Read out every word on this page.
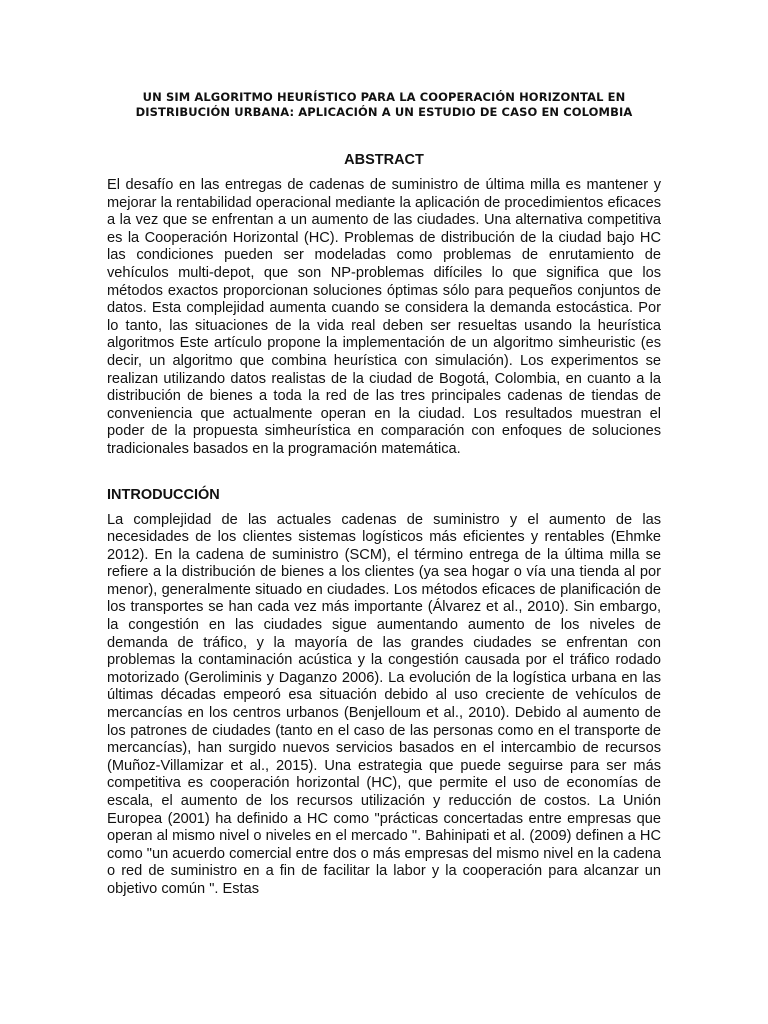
UN SIM ALGORITMO HEURÍSTICO PARA LA COOPERACIÓN HORIZONTAL EN
DISTRIBUCIÓN URBANA: APLICACIÓN A UN ESTUDIO DE CASO EN COLOMBIA
ABSTRACT

El desafío en las entregas de cadenas de suministro de última milla es mantener y mejorar la rentabilidad operacional mediante la aplicación de procedimientos eficaces a la vez que se enfrentan a un aumento de las ciudades. Una alternativa competitiva es la Cooperación Horizontal (HC). Problemas de distribución de la ciudad bajo HC las condiciones pueden ser modeladas como problemas de enrutamiento de vehículos multi-depot, que son NP-problemas difíciles lo que significa que los métodos exactos proporcionan soluciones óptimas sólo para pequeños conjuntos de datos. Esta complejidad aumenta cuando se considera la demanda estocástica. Por lo tanto, las situaciones de la vida real deben ser resueltas usando la heurística algoritmos Este artículo propone la implementación de un algoritmo simheuristic (es decir, un algoritmo que combina heurística con simulación). Los experimentos se realizan utilizando datos realistas de la ciudad de Bogotá, Colombia, en cuanto a la distribución de bienes a toda la red de las tres principales cadenas de tiendas de conveniencia que actualmente operan en la ciudad. Los resultados muestran el poder de la propuesta simheurística en comparación con enfoques de soluciones tradicionales basados en la programación matemática.

INTRODUCCIÓN

La complejidad de las actuales cadenas de suministro y el aumento de las necesidades de los clientes sistemas logísticos más eficientes y rentables (Ehmke 2012). En la cadena de suministro (SCM), el término entrega de la última milla se refiere a la distribución de bienes a los clientes (ya sea hogar o vía una tienda al por menor), generalmente situado en ciudades. Los métodos eficaces de planificación de los transportes se han cada vez más importante (Álvarez et al., 2010). Sin embargo, la congestión en las ciudades sigue aumentando aumento de los niveles de demanda de tráfico, y la mayoría de las grandes ciudades se enfrentan con problemas la contaminación acústica y la congestión causada por el tráfico rodado motorizado (Geroliminis y Daganzo 2006). La evolución de la logística urbana en las últimas décadas empeoró esa situación debido al uso creciente de vehículos de mercancías en los centros urbanos (Benjelloum et al., 2010). Debido al aumento de los patrones de ciudades (tanto en el caso de las personas como en el transporte de mercancías), han surgido nuevos servicios basados en el intercambio de recursos (Muñoz-Villamizar et al., 2015). Una estrategia que puede seguirse para ser más competitiva es cooperación horizontal (HC), que permite el uso de economías de escala, el aumento de los recursos utilización y reducción de costos. La Unión Europea (2001) ha definido a HC como "prácticas concertadas entre empresas que operan al mismo nivel o niveles en el mercado ". Bahinipati et al. (2009) definen a HC como "un acuerdo comercial entre dos o más empresas del mismo nivel en la cadena o red de suministro en a fin de facilitar la labor y la cooperación para alcanzar un objetivo común ". Estas
